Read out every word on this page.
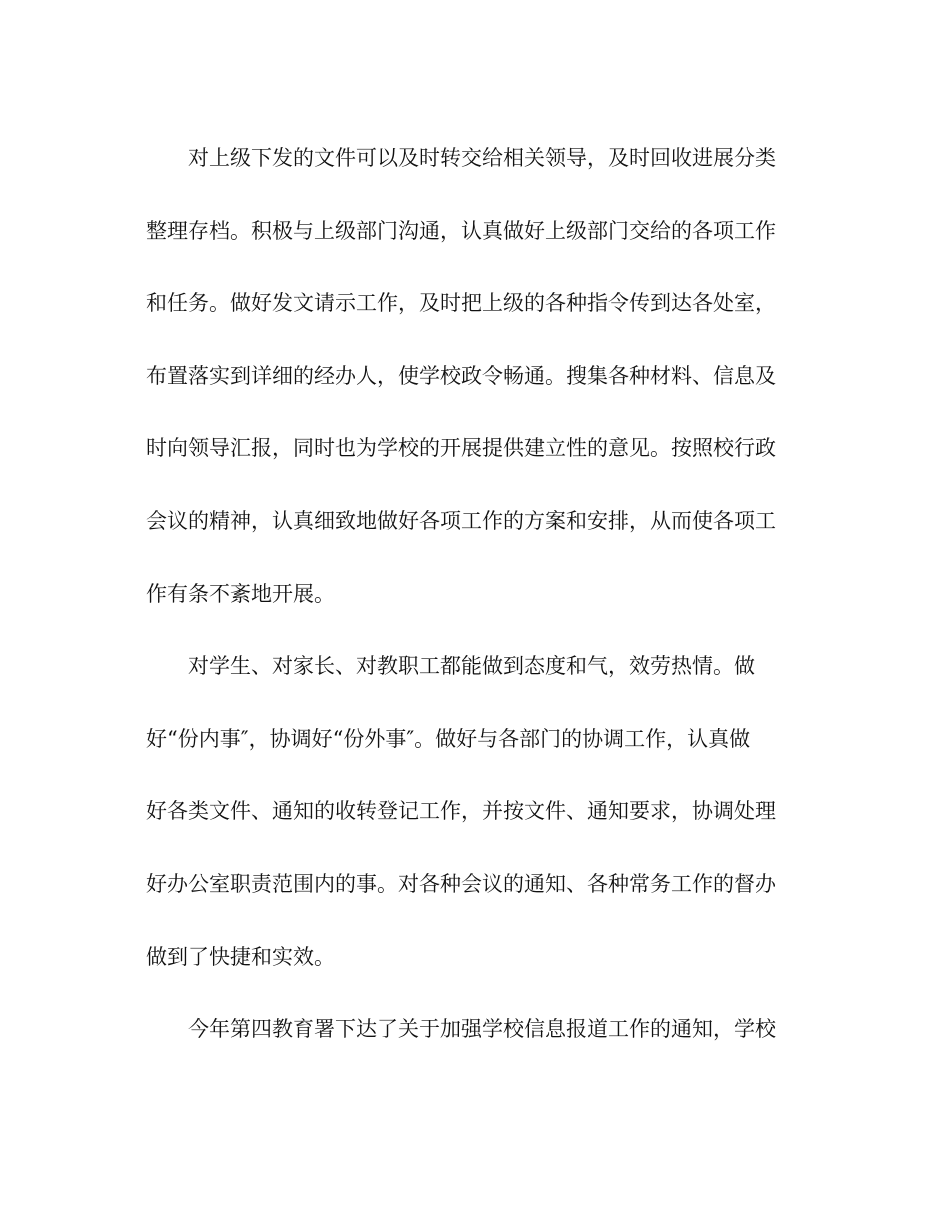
对上级下发的文件可以及时转交给相关领导，及时回收进展分类
整理存档。积极与上级部门沟通，认真做好上级部门交给的各项工作
和任务。做好发文请示工作，及时把上级的各种指令传到达各处室，
布置落实到详细的经办人，使学校政令畅通。搜集各种材料、信息及
时向领导汇报，同时也为学校的开展提供建立性的意见。按照校行政
会议的精神，认真细致地做好各项工作的方案和安排，从而使各项工
作有条不紊地开展。
对学生、对家长、对教职工都能做到态度和气，效劳热情。做
好“份内事″，协调好“份外事″。做好与各部门的协调工作，认真做
好各类文件、通知的收转登记工作，并按文件、通知要求，协调处理
好办公室职责范围内的事。对各种会议的通知、各种常务工作的督办
做到了快捷和实效。
今年第四教育署下达了关于加强学校信息报道工作的通知，学校
